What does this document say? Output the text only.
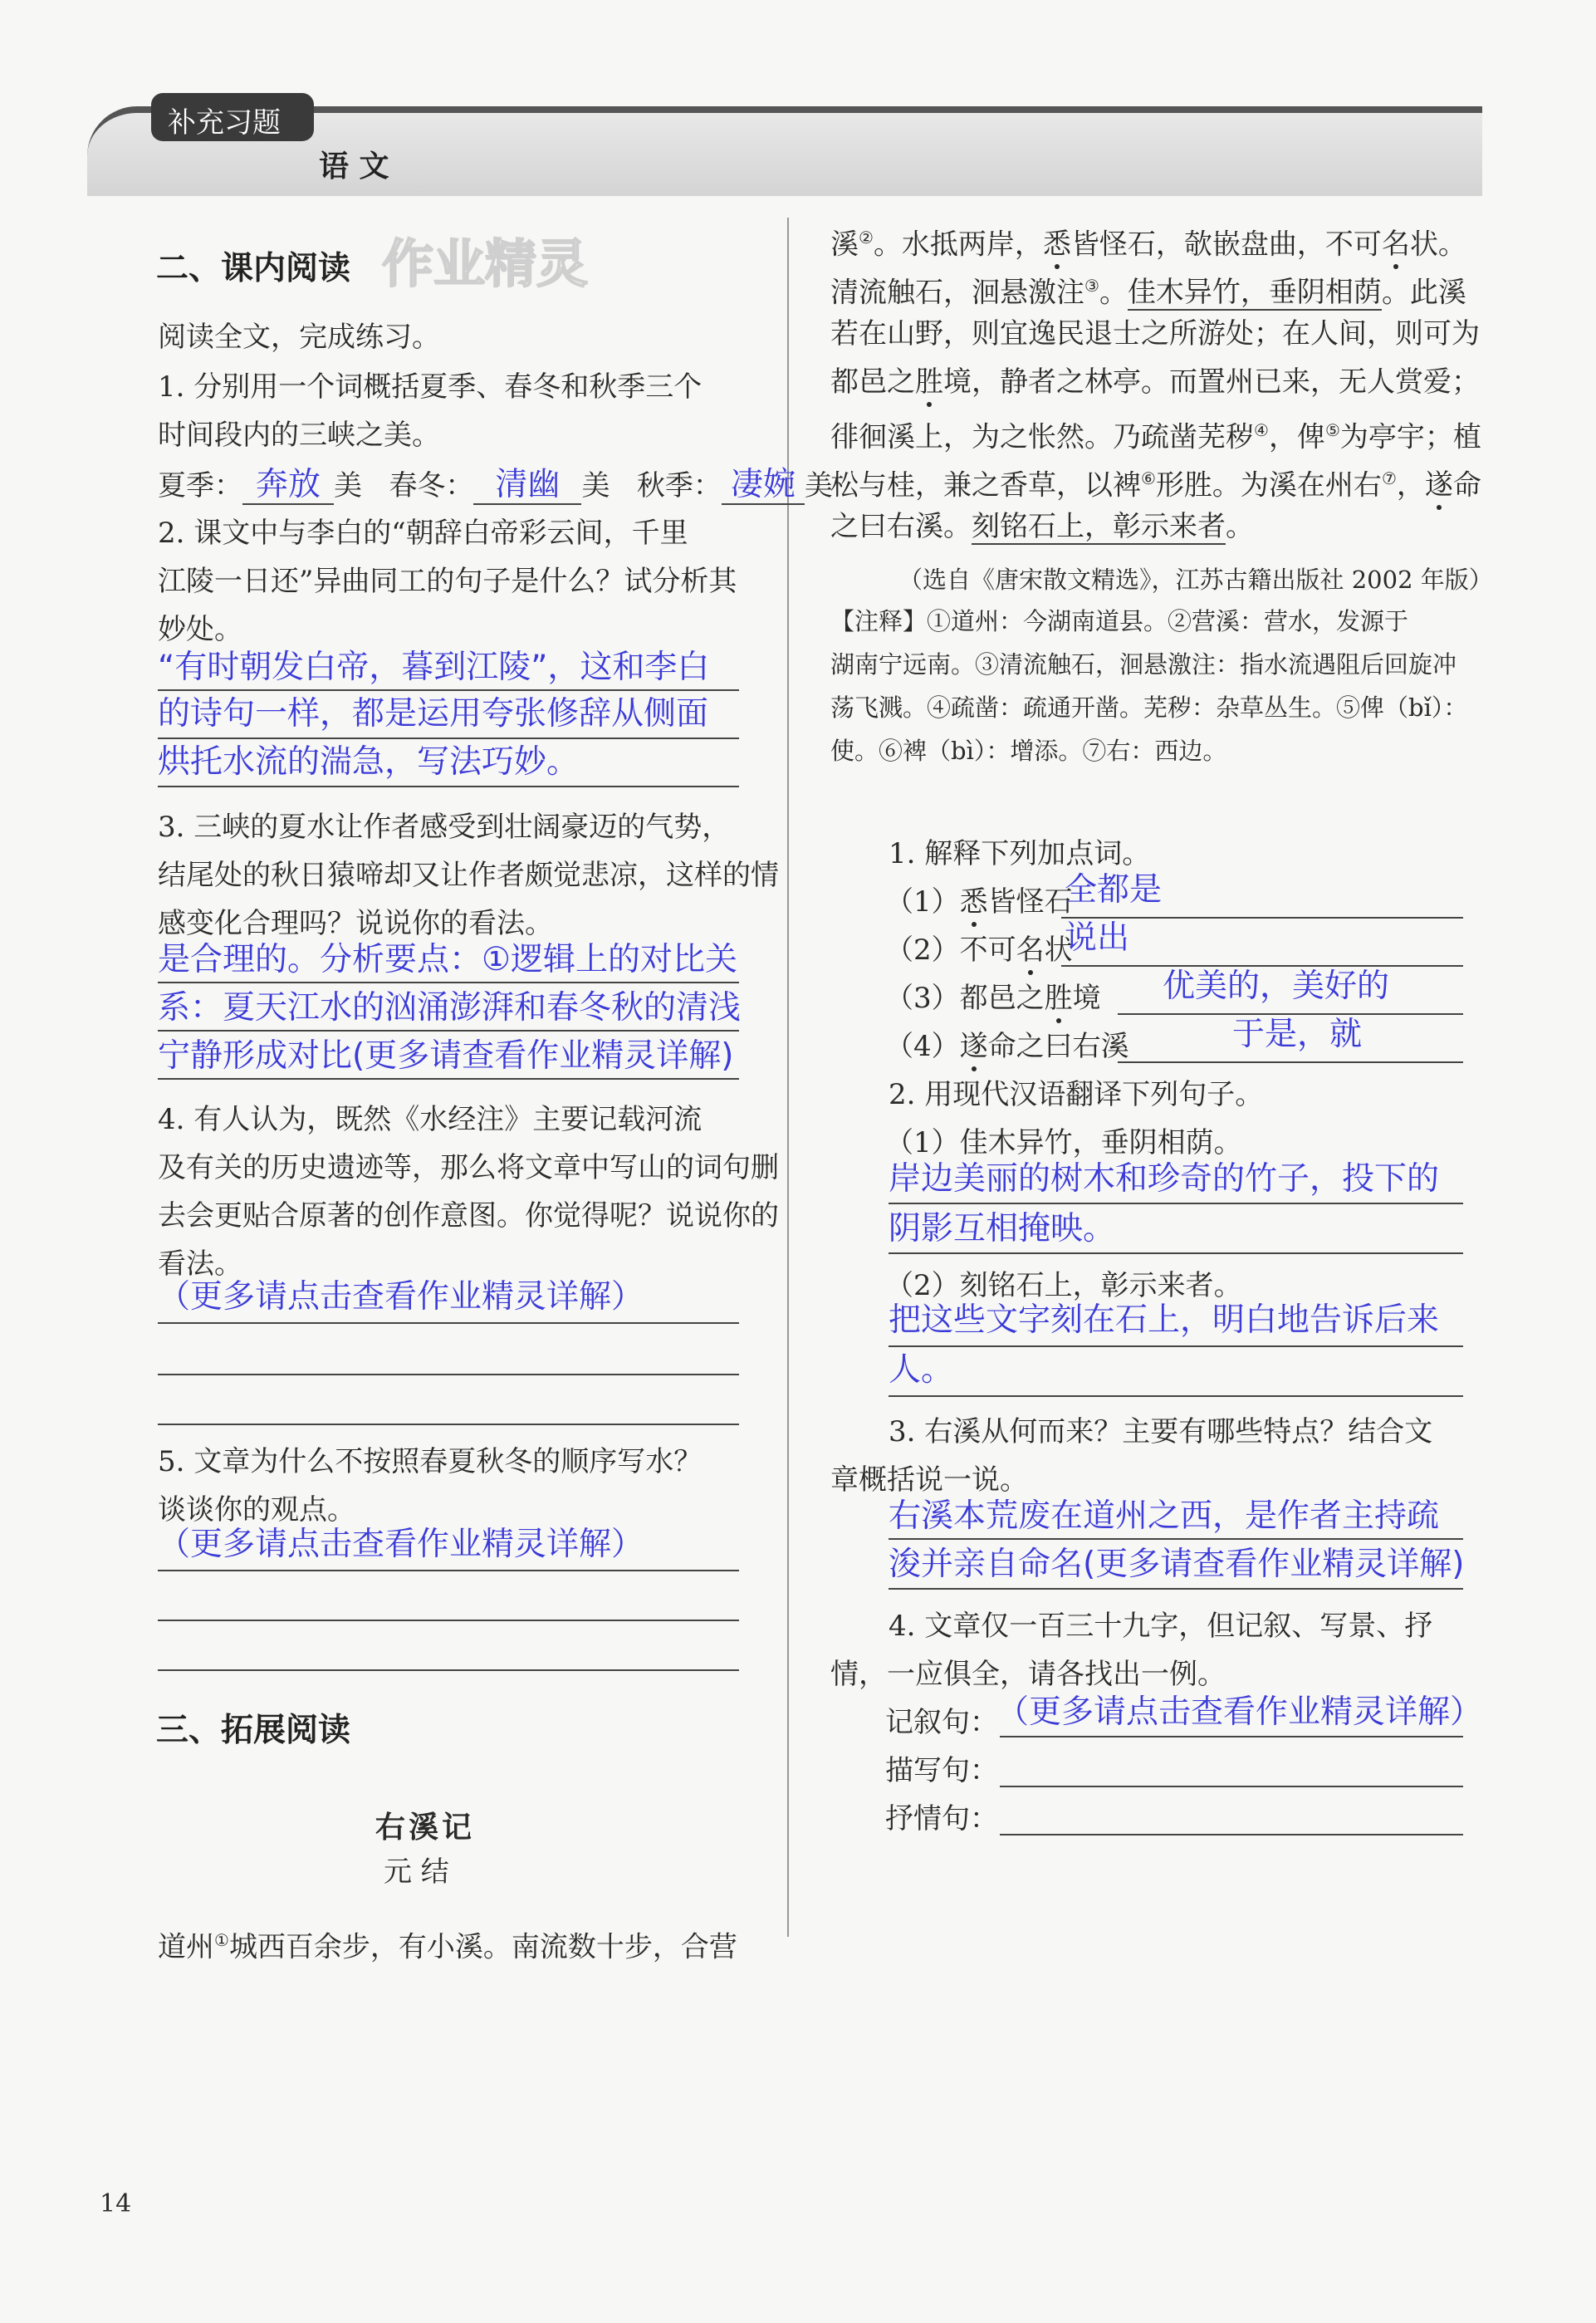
补充习题
语 文
二、课内阅读 作业精灵
阅读全文，完成练习。
1. 分别用一个词概括夏季、春冬和秋季三个
时间段内的三峡之美。
夏季： 奔放 美 春冬： 清幽 美 秋季： 凄婉 美
2. 课文中与李白的“朝辞白帝彩云间，千里
江陵一日还”异曲同工的句子是什么？试分析其
妙处。
“有时朝发白帝，暮到江陵”，这和李白
的诗句一样，都是运用夸张修辞从侧面
烘托水流的湍急，写法巧妙。
3. 三峡的夏水让作者感受到壮阔豪迈的气势，
结尾处的秋日猿啼却又让作者颇觉悲凉，这样的情
感变化合理吗？说说你的看法。
是合理的。分析要点：①逻辑上的对比关
系：夏天江水的汹涌澎湃和春冬秋的清浅
宁静形成对比(更多请查看作业精灵详解)
4. 有人认为，既然《水经注》主要记载河流
及有关的历史遗迹等，那么将文章中写山的词句删
去会更贴合原著的创作意图。你觉得呢？说说你的
看法。
（更多请点击查看作业精灵详解）
5. 文章为什么不按照春夏秋冬的顺序写水？
谈谈你的观点。
（更多请点击查看作业精灵详解）
三、拓展阅读
右溪记
元 结
道州①城西百余步，有小溪。南流数十步，合营
溪②。水抵两岸，悉皆怪石，欹嵌盘曲，不可名状。
清流触石，洄悬激注③。佳木异竹，垂阴相荫。此溪
若在山野，则宜逸民退士之所游处；在人间，则可为
都邑之胜境，静者之林亭。而置州已来，无人赏爱；
徘徊溪上，为之怅然。乃疏凿芜秽④，俾⑤为亭宇；植
松与桂，兼之香草，以裨⑥形胜。为溪在州右⑦，遂命
之曰右溪。刻铭石上，彰示来者。
（选自《唐宋散文精选》，江苏古籍出版社 2002 年版）
【注释】①道州：今湖南道县。②营溪：营水，发源于
湖南宁远南。③清流触石，洄悬激注：指水流遇阻后回旋冲
荡飞溅。④疏凿：疏通开凿。芜秽：杂草丛生。⑤俾（bǐ）：
使。⑥裨（bì）：增添。⑦右：西边。
1. 解释下列加点词。
（1）悉皆怪石
全都是
（2）不可名状
说出
（3）都邑之胜境 优美的，美好的
（4）遂命之曰右溪	于是，就
2. 用现代汉语翻译下列句子。
（1）佳木异竹，垂阴相荫。
岸边美丽的树木和珍奇的竹子，投下的
阴影互相掩映。
（2）刻铭石上，彰示来者。
把这些文字刻在石上，明白地告诉后来
人。
3. 右溪从何而来？主要有哪些特点？结合文
章概括说一说。
右溪本荒废在道州之西，是作者主持疏
浚并亲自命名(更多请查看作业精灵详解)
4. 文章仅一百三十九字，但记叙、写景、抒
情，一应俱全，请各找出一例。
记叙句：
（更多请点击查看作业精灵详解）
描写句：
抒情句：
14
